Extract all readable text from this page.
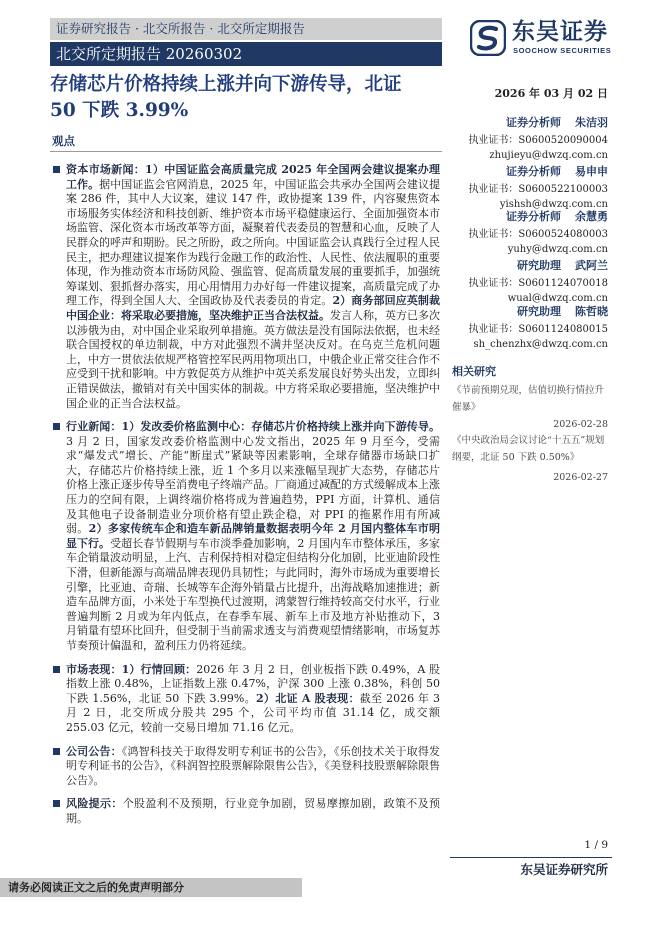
证券研究报告 · 北交所报告 · 北交所定期报告
北交所定期报告 20260302
东吴证券
SOOCHOW SECURITIES
存储芯片价格持续上涨并向下游传导，北证
50 下跌 3.99%
2026 年 03 月 02 日
观点

资本市场新闻：1）中国证监会高质量完成 2025 年全国两会建议提案办理工作。据中国证监会官网消息，2025 年，中国证监会共承办全国两会建议提案 286 件，其中人大议案，建议 147 件，政协提案 139 件，内容聚焦资本市场服务实体经济和科技创新、维护资本市场平稳健康运行、全面加强资本市场监管、深化资本市场改革等方面，凝聚着代表委员的智慧和心血，反映了人民群众的呼声和期盼。民之所盼，政之所向。中国证监会认真践行全过程人民民主，把办理建议提案作为践行金融工作的政治性、人民性、依法履职的重要体现，作为推动资本市场防风险、强监管、促高质量发展的重要抓手，加强统筹谋划、狠抓督办落实，用心用情用力办好每一件建议提案，高质量完成了办理工作，得到全国人大、全国政协及代表委员的肯定。2）商务部回应英制裁中国企业：将采取必要措施，坚决维护正当合法权益。发言人称，英方已多次以涉俄为由，对中国企业采取列单措施。英方做法是没有国际法依据，也未经联合国授权的单边制裁，中方对此强烈不满并坚决反对。在乌克兰危机问题上，中方一贯依法依规严格管控军民两用物项出口，中俄企业正常交往合作不应受到干扰和影响。中方敦促英方从维护中英关系发展良好势头出发，立即纠正错误做法，撤销对有关中国实体的制裁。中方将采取必要措施，坚决维护中国企业的正当合法权益。

行业新闻：1）发改委价格监测中心：存储芯片价格持续上涨并向下游传导。3 月 2 日，国家发改委价格监测中心发文指出，2025 年 9 月至今，受需求“爆发式”增长、产能“断崖式”紧缺等因素影响，全球存储器市场缺口扩大，存储芯片价格持续上涨，近 1 个多月以来涨幅呈现扩大态势，存储芯片价格上涨正逐步传导至消费电子终端产品。厂商通过减配的方式缓解成本上涨压力的空间有限，上调终端价格将成为普遍趋势，PPI 方面，计算机、通信及其他电子设备制造业分项价格有望止跌企稳，对 PPI 的拖累作用有所减弱。2）多家传统车企和造车新品牌销量数据表明今年 2 月国内整体车市明显下行。受超长春节假期与车市淡季叠加影响，2 月国内车市整体承压，多家车企销量波动明显，上汽、吉利保持相对稳定但结构分化加剧，比亚迪阶段性下滑，但新能源与高端品牌表现仍具韧性；与此同时，海外市场成为重要增长引擎，比亚迪、奇瑞、长城等车企海外销量占比提升，出海战略加速推进；新造车品牌方面，小米处于车型换代过渡期，鸿蒙智行维持较高交付水平，行业普遍判断 2 月或为年内低点，在春季车展、新车上市及地方补贴推动下，3 月销量有望环比回升，但受制于当前需求透支与消费观望情绪影响，市场复苏节奏预计偏温和，盈利压力仍将延续。

市场表现：1）行情回顾：2026 年 3 月 2 日，创业板指下跌 0.49%，A 股指数上涨 0.48%，上证指数上涨 0.47%，沪深 300 上涨 0.38%，科创 50 下跌 1.56%，北证 50 下跌 3.99%。2）北证 A 股表现：截至 2026 年 3 月 2 日，北交所成分股共 295 个，公司平均市值 31.14 亿，成交额 255.03 亿元，较前一交易日增加 71.16 亿元。

公司公告：《鸿智科技关于取得发明专利证书的公告》，《乐创技术关于取得发明专利证书的公告》，《科润智控股票解除限售公告》，《美登科技股票解除限售公告》。

风险提示：个股盈利不及预期，行业竞争加剧，贸易摩擦加剧，政策不及预期。

证券分析师 朱洁羽
执业证书：S0600520090004
zhujieyu@dwzq.com.cn
证券分析师 易申申
执业证书：S0600522100003
yishsh@dwzq.com.cn
证券分析师 余慧勇
执业证书：S0600524080003
yuhy@dwzq.com.cn
研究助理 武阿兰
执业证书：S0601124070018
wual@dwzq.com.cn
研究助理 陈哲晓
执业证书：S0601124080015
sh_chenzhx@dwzq.com.cn
相关研究
《节前预期兑现，估值切换行情拉升催暴》
2026-02-28
《中央政治局会议讨论“十五五”规划纲要，北证 50 下跌 0.50%》
2026-02-27
1 / 9
东吴证券研究所
请务必阅读正文之后的免责声明部分
